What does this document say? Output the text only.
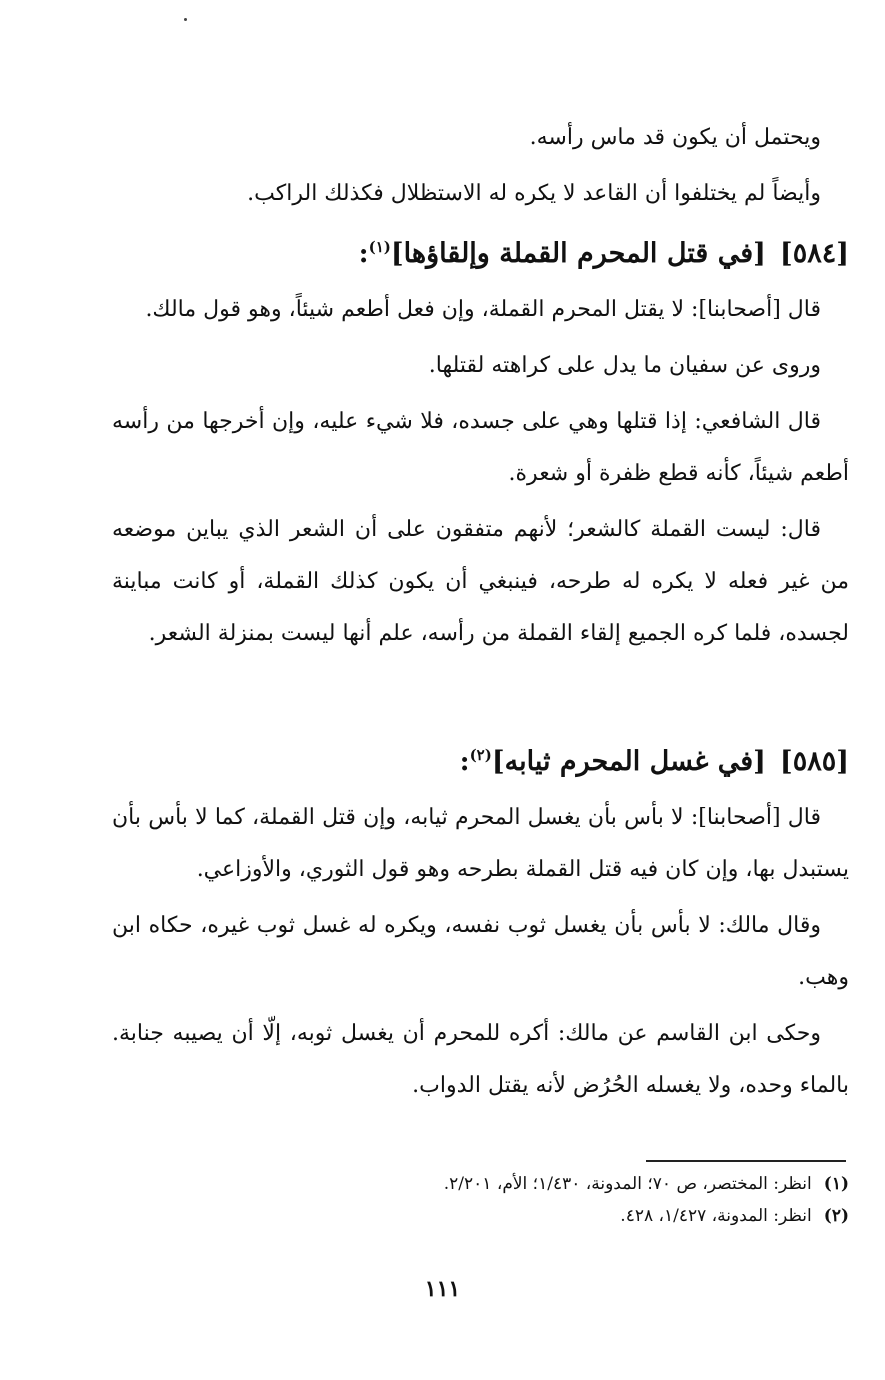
ويحتمل أن يكون قد ماس رأسه.

وأيضاً لم يختلفوا أن القاعد لا يكره له الاستظلال فكذلك الراكب.

[٥٨٤][في قتل المحرم القملة وإلقاؤها]$^{(١)}$:

قال [أصحابنا]: لا يقتل المحرم القملة، وإن فعل أطعم شيئاً، وهو قول مالك.

وروى عن سفيان ما يدل على كراهته لقتلها.

قال الشافعي: إذا قتلها وهي على جسده، فلا شيء عليه، وإن أخرجها من رأسه أطعم شيئاً، كأنه قطع ظفرة أو شعرة.

قال: ليست القملة كالشعر؛ لأنهم متفقون على أن الشعر الذي يباين موضعه من غير فعله لا يكره له طرحه، فينبغي أن يكون كذلك القملة، أو كانت مباينة لجسده، فلما كره الجميع إلقاء القملة من رأسه، علم أنها ليست بمنزلة الشعر.

[٥٨٥][في غسل المحرم ثيابه]$^{(٢)}$:

قال [أصحابنا]: لا بأس بأن يغسل المحرم ثيابه، وإن قتل القملة، كما لا بأس بأن يستبدل بها، وإن كان فيه قتل القملة بطرحه وهو قول الثوري، والأوزاعي.

وقال مالك: لا بأس بأن يغسل ثوب نفسه، ويكره له غسل ثوب غيره، حكاه ابن وهب.

وحكى ابن القاسم عن مالك: أكره للمحرم أن يغسل ثوبه، إلّا أن يصيبه جنابة. بالماء وحده، ولا يغسله الحُرُض لأنه يقتل الدواب.

(١)انظر: المختصر، ص ٧٠؛ المدونة، ١/٤٣٠؛ الأم، ٢/٢٠١.

(٢)انظر: المدونة، ١/٤٢٧، ٤٢٨.

١١١
